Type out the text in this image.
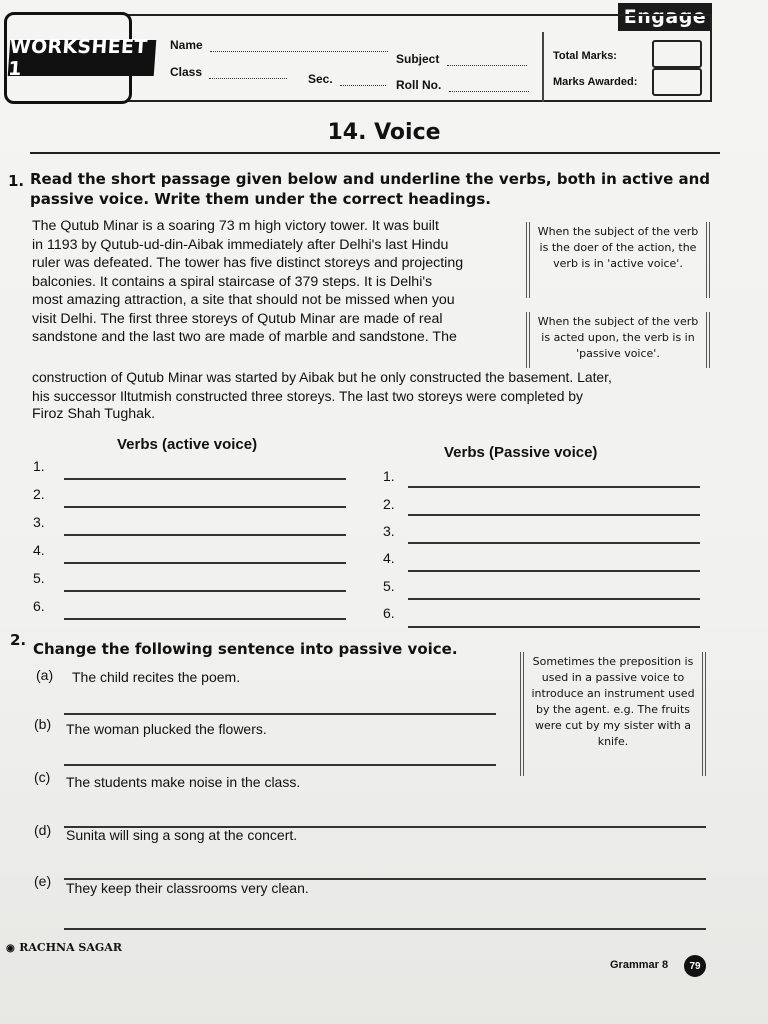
Engage
WORKSHEET 1
Name
Subject
Class	Sec.	Roll No.
Total Marks:
Marks Awarded:
14. Voice
1. Read the short passage given below and underline the verbs, both in active and passive voice. Write them under the correct headings.
The Qutub Minar is a soaring 73 m high victory tower. It was built
in 1193 by Qutub-ud-din-Aibak immediately after Delhi's last Hindu
ruler was defeated. The tower has five distinct storeys and projecting
balconies. It contains a spiral staircase of 379 steps. It is Delhi's
most amazing attraction, a site that should not be missed when you
visit Delhi. The first three storeys of Qutub Minar are made of real
sandstone and the last two are made of marble and sandstone. The
construction of Qutub Minar was started by Aibak but he only constructed the basement. Later,
his successor Iltutmish constructed three storeys. The last two storeys were completed by
Firoz Shah Tughak.
When the subject of the verb is the doer of the action, the verb is in 'active voice'.
When the subject of the verb is acted upon, the verb is in 'passive voice'.
Verbs (active voice)	Verbs (Passive voice)
1.
2.
3.
4.
5.
6.
1.
2.
3.
4.
5.
6.
2. Change the following sentence into passive voice.
Sometimes the preposition is used in a passive voice to introduce an instrument used by the agent. e.g. The fruits were cut by my sister with a knife.
(a) The child recites the poem.
(b) The woman plucked the flowers.
(c) The students make noise in the class.
(d) Sunita will sing a song at the concert.
(e) They keep their classrooms very clean.
◉ RACHNA SAGAR
Grammar 8	79
